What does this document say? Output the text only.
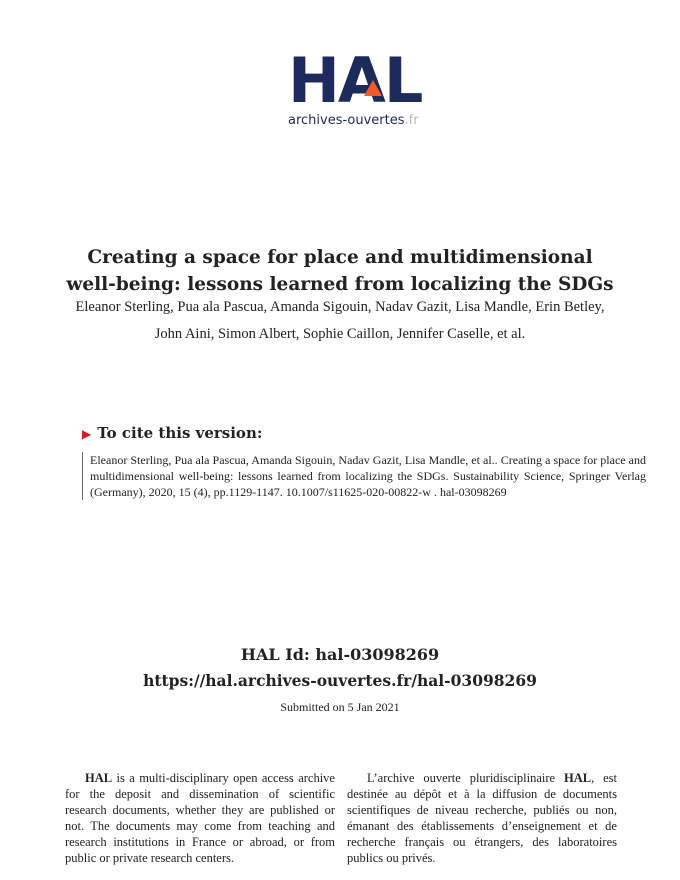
HAL
archives-ouvertes.fr
Creating a space for place and multidimensional well-being: lessons learned from localizing the SDGs

Eleanor Sterling, Pua ala Pascua, Amanda Sigouin, Nadav Gazit, Lisa Mandle, Erin Betley, John Aini, Simon Albert, Sophie Caillon, Jennifer Caselle, et al.

▶ To cite this version:
Eleanor Sterling, Pua ala Pascua, Amanda Sigouin, Nadav Gazit, Lisa Mandle, et al.. Creating a space for place and multidimensional well-being: lessons learned from localizing the SDGs. Sustainability Science, Springer Verlag (Germany), 2020, 15 (4), pp.1129-1147. 10.1007/s11625-020-00822-w . hal-03098269
HAL Id: hal-03098269
https://hal.archives-ouvertes.fr/hal-03098269
Submitted on 5 Jan 2021
HAL is a multi-disciplinary open access archive for the deposit and dissemination of scientific research documents, whether they are published or not. The documents may come from teaching and research institutions in France or abroad, or from public or private research centers.
L’archive ouverte pluridisciplinaire HAL, est destinée au dépôt et à la diffusion de documents scientifiques de niveau recherche, publiés ou non, émanant des établissements d’enseignement et de recherche français ou étrangers, des laboratoires publics ou privés.
